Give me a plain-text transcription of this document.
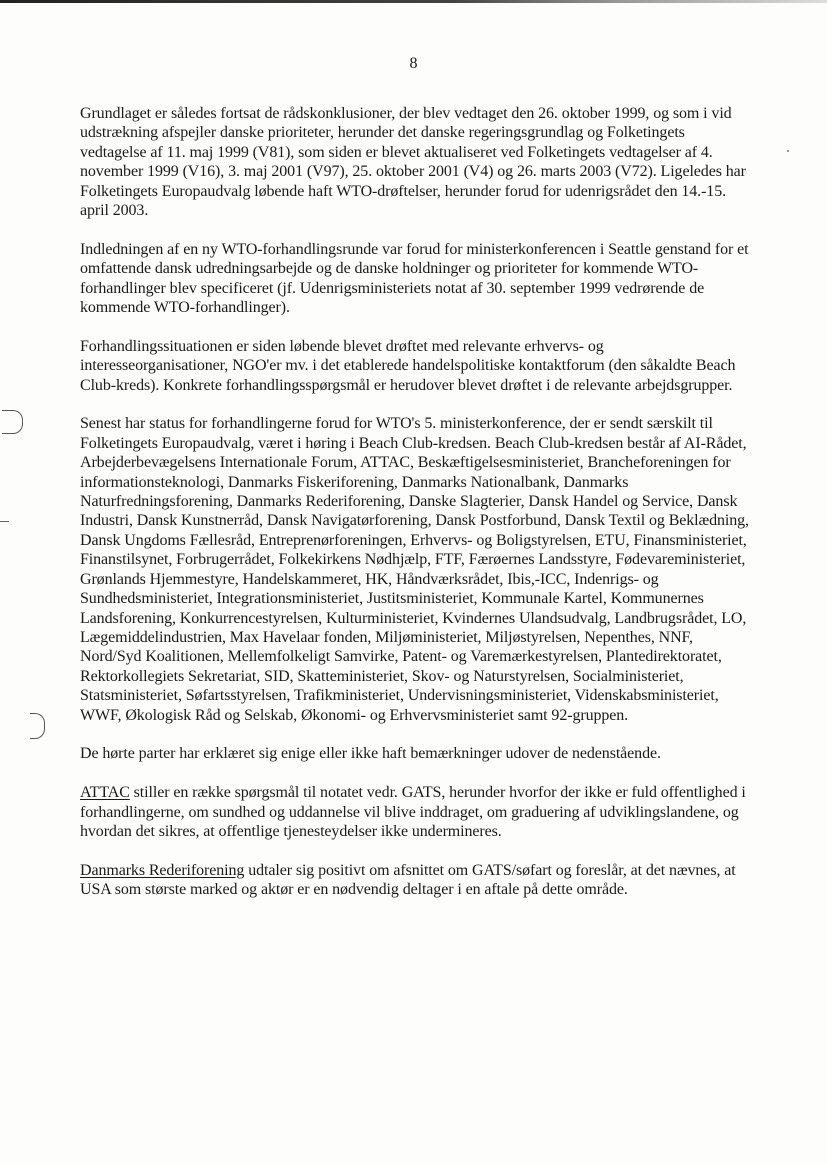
8

Grundlaget er således fortsat de rådskonklusioner, der blev vedtaget den 26. oktober 1999, og som i vid udstrækning afspejler danske prioriteter, herunder det danske regeringsgrundlag og Folketingets vedtagelse af 11. maj 1999 (V81), som siden er blevet aktualiseret ved Folketingets vedtagelser af 4. november 1999 (V16), 3. maj 2001 (V97), 25. oktober 2001 (V4) og 26. marts 2003 (V72). Ligeledes har Folketingets Europaudvalg løbende haft WTO-drøftelser, herunder forud for udenrigsrådet den 14.-15. april 2003.

Indledningen af en ny WTO-forhandlingsrunde var forud for ministerkonferencen i Seattle genstand for et omfattende dansk udredningsarbejde og de danske holdninger og prioriteter for kommende WTO-forhandlinger blev specificeret (jf. Udenrigsministeriets notat af 30. september 1999 vedrørende de kommende WTO-forhandlinger).

Forhandlingssituationen er siden løbende blevet drøftet med relevante erhvervs- og interesseorganisationer, NGO'er mv. i det etablerede handelspolitiske kontaktforum (den såkaldte Beach Club-kreds). Konkrete forhandlingsspørgsmål er herudover blevet drøftet i de relevante arbejdsgrupper.

Senest har status for forhandlingerne forud for WTO's 5. ministerkonference, der er sendt særskilt til Folketingets Europaudvalg, været i høring i Beach Club-kredsen. Beach Club-kredsen består af AI-Rådet, Arbejderbevægelsens Internationale Forum, ATTAC, Beskæftigelsesministeriet, Brancheforeningen for informationsteknologi, Danmarks Fiskeriforening, Danmarks Nationalbank, Danmarks Naturfredningsforening, Danmarks Rederiforening, Danske Slagterier, Dansk Handel og Service, Dansk Industri, Dansk Kunstnerråd, Dansk Navigatørforening, Dansk Postforbund, Dansk Textil og Beklædning, Dansk Ungdoms Fællesråd, Entreprenørforeningen, Erhvervs- og Boligstyrelsen, ETU, Finansministeriet, Finanstilsynet, Forbrugerrådet, Folkekirkens Nødhjælp, FTF, Færøernes Landsstyre, Fødevareministeriet, Grønlands Hjemmestyre, Handelskammeret, HK, Håndværksrådet, Ibis,-ICC, Indenrigs- og Sundhedsministeriet, Integrationsministeriet, Justitsministeriet, Kommunale Kartel, Kommunernes Landsforening, Konkurrencestyrelsen, Kulturministeriet, Kvindernes Ulandsudvalg, Landbrugsrådet, LO, Lægemiddelindustrien, Max Havelaar fonden, Miljøministeriet, Miljøstyrelsen, Nepenthes, NNF, Nord/Syd Koalitionen, Mellemfolkeligt Samvirke, Patent- og Varemærkestyrelsen, Plantedirektoratet, Rektorkollegiets Sekretariat, SID, Skatteministeriet, Skov- og Naturstyrelsen, Socialministeriet, Statsministeriet, Søfartsstyrelsen, Trafikministeriet, Undervisningsministeriet, Videnskabsministeriet, WWF, Økologisk Råd og Selskab, Økonomi- og Erhvervsministeriet samt 92-gruppen.

De hørte parter har erklæret sig enige eller ikke haft bemærkninger udover de nedenstående.

ATTAC stiller en række spørgsmål til notatet vedr. GATS, herunder hvorfor der ikke er fuld offentlighed i forhandlingerne, om sundhed og uddannelse vil blive inddraget, om graduering af udviklingslandene, og hvordan det sikres, at offentlige tjenesteydelser ikke undermineres.

Danmarks Rederiforening udtaler sig positivt om afsnittet om GATS/søfart og foreslår, at det nævnes, at USA som største marked og aktør er en nødvendig deltager i en aftale på dette område.
